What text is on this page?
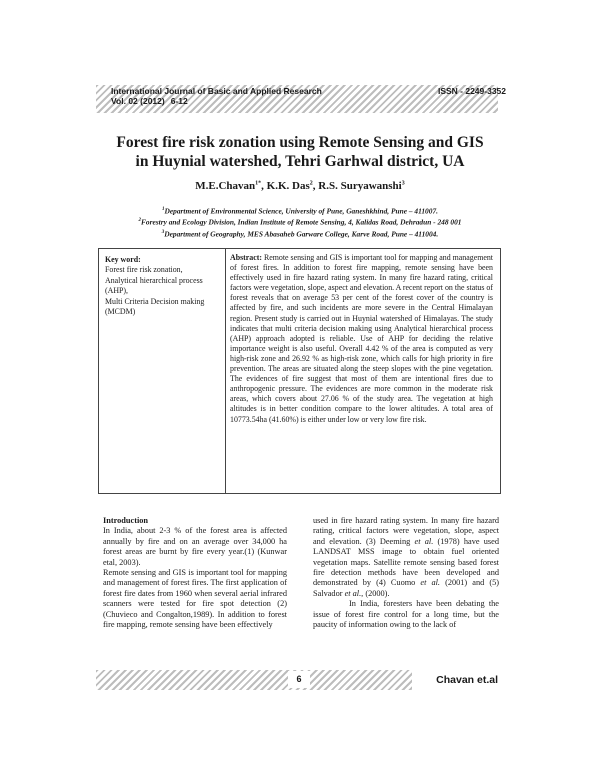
International Journal of Basic and Applied Research	ISSN - 2249-3352
Vol. 02 (2012) 6-12
Forest fire risk zonation using Remote Sensing and GIS
in Huynial watershed, Tehri Garhwal district, UA
M.E.Chavan$^{1*}$, K.K. Das$^2$, R.S. Suryawanshi$^3$
$^1$Department of Environmental Science, University of Pune, Ganeshkhind, Pune – 411007.
$^2$Forestry and Ecology Division, Indian Institute of Remote Sensing, 4, Kalidas Road, Dehradun - 248 001
$^3$Department of Geography, MES Abasaheb Garware College, Karve Road, Pune – 411004.
Key word:
Forest fire risk zonation,
Analytical hierarchical process (AHP),
Multi Criteria Decision making (MCDM)
Abstract: Remote sensing and GIS is important tool for mapping and management of forest fires. In addition to forest fire mapping, remote sensing have been effectively used in fire hazard rating system. In many fire hazard rating, critical factors were vegetation, slope, aspect and elevation. A recent report on the status of forest reveals that on average 53 per cent of the forest cover of the country is affected by fire, and such incidents are more severe in the Central Himalayan region. Present study is carried out in Huynial watershed of Himalayas. The study indicates that multi criteria decision making using Analytical hierarchical process (AHP) approach adopted is reliable. Use of AHP for deciding the relative importance weight is also useful. Overall 4.42 % of the area is computed as very high-risk zone and 26.92 % as high-risk zone, which calls for high priority in fire prevention. The areas are situated along the steep slopes with the pine vegetation. The evidences of fire suggest that most of them are intentional fires due to anthropogenic pressure. The evidences are more common in the moderate risk areas, which covers about 27.06 % of the study area. The vegetation at high altitudes is in better condition compare to the lower altitudes. A total area of 10773.54ha (41.60%) is either under low or very low fire risk.

Introduction

In India, about 2-3 % of the forest area is affected annually by fire and on an average over 34,000 ha forest areas are burnt by fire every year.(1) (Kunwar etal, 2003).

Remote sensing and GIS is important tool for mapping and management of forest fires. The first application of forest fire dates from 1960 when several aerial infrared scanners were tested for fire spot detection (2) (Chuvieco and Congalton,1989). In addition to forest fire mapping, remote sensing have been effectively

used in fire hazard rating system. In many fire hazard rating, critical factors were vegetation, slope, aspect and elevation. (3) Deeming et al. (1978) have used LANDSAT MSS image to obtain fuel oriented vegetation maps. Satellite remote sensing based forest fire detection methods have been developed and demonstrated by (4) Cuomo et al. (2001) and (5) Salvador et al., (2000).

In India, foresters have been debating the issue of forest fire control for a long time, but the paucity of information owing to the lack of

6	Chavan et.al
